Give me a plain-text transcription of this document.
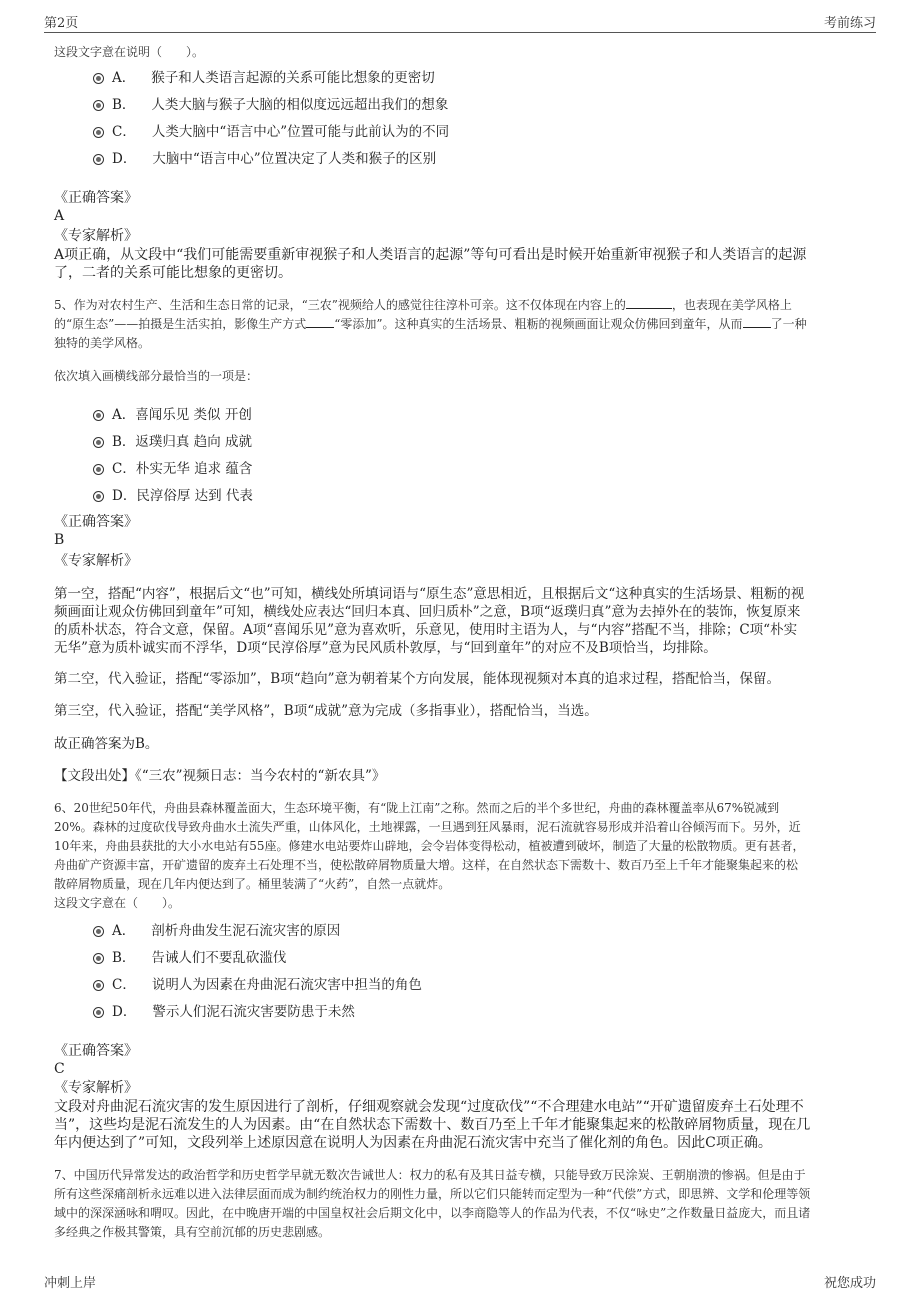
第2页	考前练习
这段文字意在说明（　　）。
A． 猴子和人类语言起源的关系可能比想象的更密切
B． 人类大脑与猴子大脑的相似度远远超出我们的想象
C． 人类大脑中“语言中心”位置可能与此前认为的不同
D． 大脑中“语言中心”位置决定了人类和猴子的区别
《正确答案》
A
《专家解析》
A项正确，从文段中“我们可能需要重新审视猴子和人类语言的起源”等句可看出是时候开始重新审视猴子和人类语言的起源
了，二者的关系可能比想象的更密切。
5、作为对农村生产、生活和生态日常的记录，“三农”视频给人的感觉往往淳朴可亲。这不仅体现在内容上的	，也表现在美学风格上
的“原生态”——拍摄是生活实拍，影像生产方式 “零添加”。这种真实的生活场景、粗粝的视频画面让观众仿佛回到童年，从而 了一种
独特的美学风格。
依次填入画横线部分最恰当的一项是：
A．喜闻乐见 类似 开创
B．返璞归真 趋向 成就
C．朴实无华 追求 蕴含
D．民淳俗厚 达到 代表
《正确答案》
B
《专家解析》
第一空，搭配“内容”，根据后文“也”可知，横线处所填词语与“原生态”意思相近，且根据后文“这种真实的生活场景、粗粝的视
频画面让观众仿佛回到童年”可知，横线处应表达“回归本真、回归质朴”之意，B项“返璞归真”意为去掉外在的装饰，恢复原来
的质朴状态，符合文意，保留。A项“喜闻乐见”意为喜欢听，乐意见，使用时主语为人，与“内容”搭配不当，排除；C项“朴实
无华”意为质朴诚实而不浮华，D项“民淳俗厚”意为民风质朴敦厚，与“回到童年”的对应不及B项恰当，均排除。
第二空，代入验证，搭配“零添加”，B项“趋向”意为朝着某个方向发展，能体现视频对本真的追求过程，搭配恰当，保留。
第三空，代入验证，搭配“美学风格”，B项“成就”意为完成（多指事业），搭配恰当，当选。
故正确答案为B。
【文段出处】《“三农”视频日志：当今农村的“新农具”》
6、20世纪50年代，舟曲县森林覆盖面大，生态环境平衡，有“陇上江南”之称。然而之后的半个多世纪，舟曲的森林覆盖率从67%锐减到
20%。森林的过度砍伐导致舟曲水土流失严重，山体风化，土地裸露，一旦遇到狂风暴雨，泥石流就容易形成并沿着山谷倾泻而下。另外，近
10年来，舟曲县获批的大小水电站有55座。修建水电站要炸山辟地，会令岩体变得松动，植被遭到破坏，制造了大量的松散物质。更有甚者，
舟曲矿产资源丰富，开矿遗留的废弃土石处理不当，使松散碎屑物质量大增。这样，在自然状态下需数十、数百乃至上千年才能聚集起来的松
散碎屑物质量，现在几年内便达到了。桶里装满了“火药”，自然一点就炸。
这段文字意在（　　）。
A． 剖析舟曲发生泥石流灾害的原因
B． 告诫人们不要乱砍滥伐
C． 说明人为因素在舟曲泥石流灾害中担当的角色
D． 警示人们泥石流灾害要防患于未然
《正确答案》
C
《专家解析》
文段对舟曲泥石流灾害的发生原因进行了剖析，仔细观察就会发现“过度砍伐”“不合理建水电站”“开矿遗留废弃土石处理不
当”，这些均是泥石流发生的人为因素。由“在自然状态下需数十、数百乃至上千年才能聚集起来的松散碎屑物质量，现在几
年内便达到了”可知，文段列举上述原因意在说明人为因素在舟曲泥石流灾害中充当了催化剂的角色。因此C项正确。
7、中国历代异常发达的政治哲学和历史哲学早就无数次告诫世人：权力的私有及其日益专横，只能导致万民涂炭、王朝崩溃的惨祸。但是由于
所有这些深痛剖析永远难以进入法律层面而成为制约统治权力的刚性力量，所以它们只能转而定型为一种“代偿”方式，即思辨、文学和伦理等领
域中的深深涵咏和喟叹。因此，在中晚唐开端的中国皇权社会后期文化中，以李商隐等人的作品为代表，不仅“咏史”之作数量日益庞大，而且诸
多经典之作极其警策，具有空前沉郁的历史悲剧感。
冲刺上岸	祝您成功
